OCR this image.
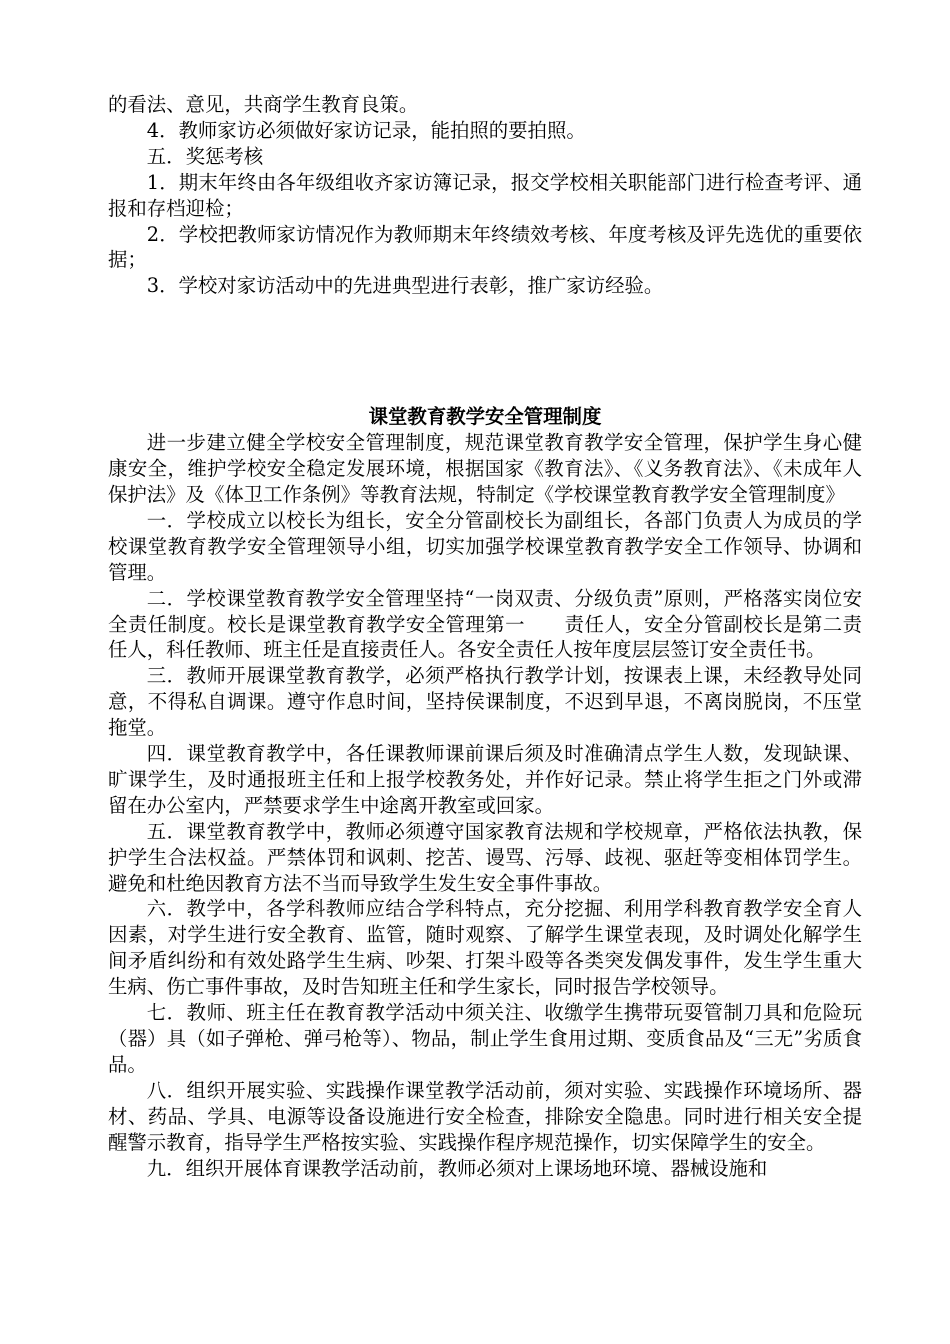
的看法、意见，共商学生教育良策。

4．教师家访必须做好家访记录，能拍照的要拍照。

五．奖惩考核

1．期末年终由各年级组收齐家访簿记录，报交学校相关职能部门进行检查考评、通报和存档迎检；

2．学校把教师家访情况作为教师期末年终绩效考核、年度考核及评先选优的重要依据；

3．学校对家访活动中的先进典型进行表彰，推广家访经验。

课堂教育教学安全管理制度

进一步建立健全学校安全管理制度，规范课堂教育教学安全管理，保护学生身心健康安全，维护学校安全稳定发展环境，根据国家《教育法》、《义务教育法》、《未成年人保护法》及《体卫工作条例》等教育法规，特制定《学校课堂教育教学安全管理制度》

一．学校成立以校长为组长，安全分管副校长为副组长，各部门负责人为成员的学校课堂教育教学安全管理领导小组，切实加强学校课堂教育教学安全工作领导、协调和管理。

二．学校课堂教育教学安全管理坚持“一岗双责、分级负责”原则，严格落实岗位安全责任制度。校长是课堂教育教学安全管理第一　　责任人，安全分管副校长是第二责任人，科任教师、班主任是直接责任人。各安全责任人按年度层层签订安全责任书。

三．教师开展课堂教育教学，必须严格执行教学计划，按课表上课，未经教导处同意，不得私自调课。遵守作息时间，坚持侯课制度，不迟到早退，不离岗脱岗，不压堂拖堂。

四．课堂教育教学中，各任课教师课前课后须及时准确清点学生人数，发现缺课、旷课学生，及时通报班主任和上报学校教务处，并作好记录。禁止将学生拒之门外或滞留在办公室内，严禁要求学生中途离开教室或回家。

五．课堂教育教学中，教师必须遵守国家教育法规和学校规章，严格依法执教，保护学生合法权益。严禁体罚和讽刺、挖苦、谩骂、污辱、歧视、驱赶等变相体罚学生。避免和杜绝因教育方法不当而导致学生发生安全事件事故。

六．教学中，各学科教师应结合学科特点，充分挖掘、利用学科教育教学安全育人因素，对学生进行安全教育、监管，随时观察、了解学生课堂表现，及时调处化解学生间矛盾纠纷和有效处路学生生病、吵架、打架斗殴等各类突发偶发事件，发生学生重大生病、伤亡事件事故，及时告知班主任和学生家长，同时报告学校领导。

七．教师、班主任在教育教学活动中须关注、收缴学生携带玩耍管制刀具和危险玩（器）具（如子弹枪、弹弓枪等）、物品，制止学生食用过期、变质食品及“三无”劣质食品。

八．组织开展实验、实践操作课堂教学活动前，须对实验、实践操作环境场所、器材、药品、学具、电源等设备设施进行安全检查，排除安全隐患。同时进行相关安全提醒警示教育，指导学生严格按实验、实践操作程序规范操作，切实保障学生的安全。

九．组织开展体育课教学活动前，教师必须对上课场地环境、器械设施和
